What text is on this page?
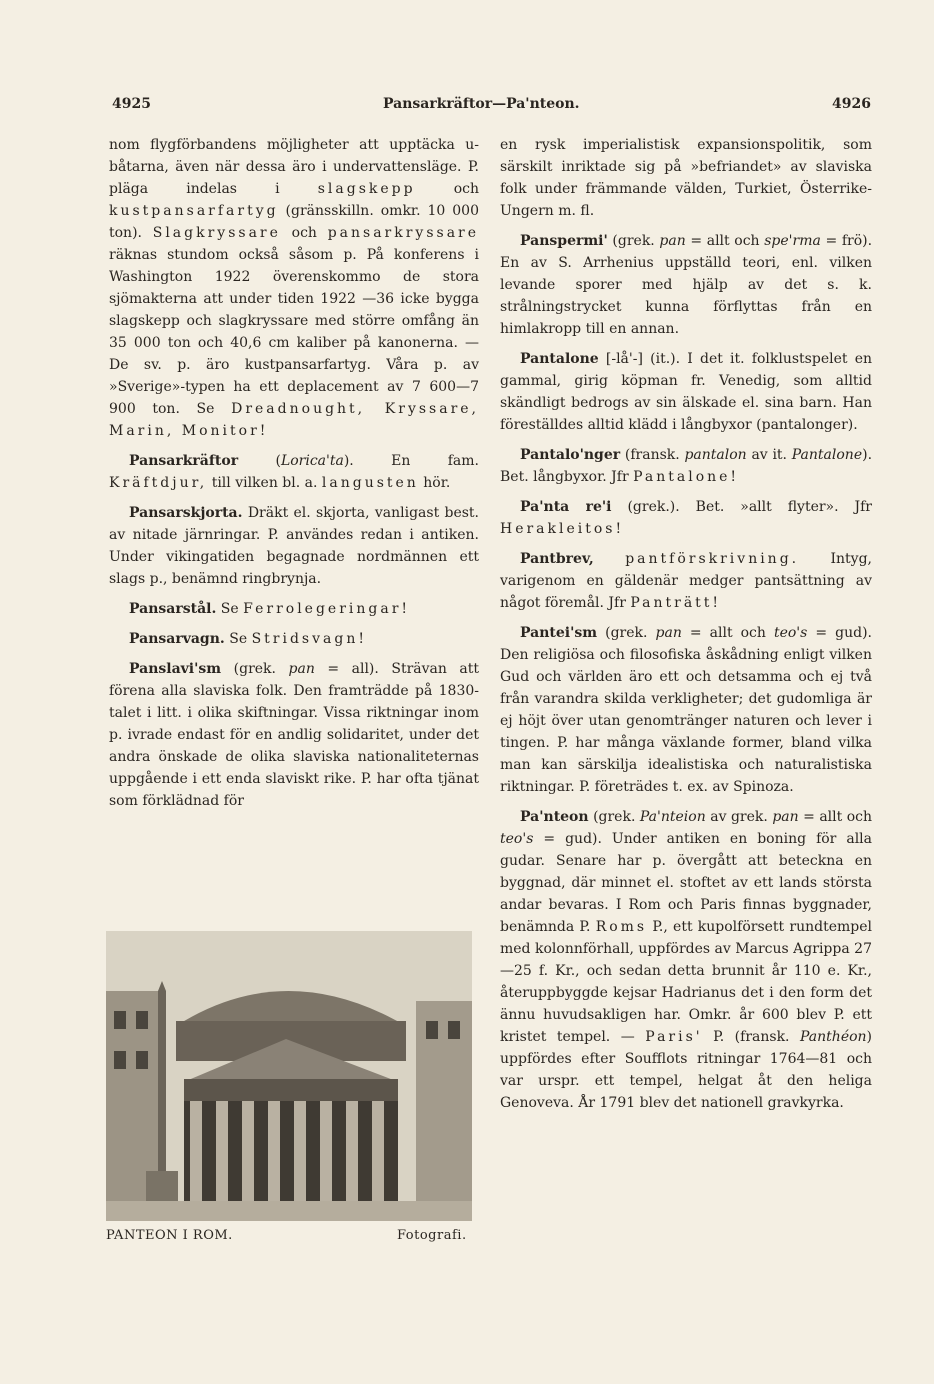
4925	Pansarkräftor—Pa'nteon.	4926

nom flygförbandens möjligheter att upptäcka u-båtarna, även när dessa äro i undervattensläge. P. pläga indelas i	slagskepp	och kustpansarfartyg (gränsskilln. omkr. 10 000 ton). Slagkryssare och pansarkryssare räknas stundom också såsom p. På konferens i Washington 1922 överenskommo de stora sjömakterna att under tiden 1922 —36 icke bygga slagskepp och slagkryssare med större omfång än 35 000 ton och 40,6 cm kaliber på kanonerna. — De sv. p. äro kustpansarfartyg. Våra p. av »Sverige»-typen ha ett deplacement av 7 600—7 900 ton. Se Dreadnought, Kryssare, Marin, Monitor!

Pansarkräftor	(Lorica'ta). En fam. Kräftdjur, till vilken bl. a. langusten hör.

Pansarskjorta. Dräkt el. skjorta, vanligast best. av nitade järnringar. P. användes redan i antiken. Under vikingatiden begagnade nordmännen ett slags p., benämnd ringbrynja.

Pansarstål. Se Ferrolegeringar!

Pansarvagn. Se Stridsvagn!

Panslavi'sm (grek. pan = all). Strävan att förena alla slaviska folk. Den framträdde på 1830-talet i litt. i olika skiftningar. Vissa riktningar inom p. ivrade endast för en andlig solidaritet, under det andra önskade de olika slaviska nationaliteternas uppgående i ett enda slaviskt rike. P. har ofta tjänat som förklädnad för

PANTEON I ROM.	Fotografi.

en rysk imperialistisk expansionspolitik, som särskilt inriktade sig på »befriandet» av slaviska folk under främmande välden, Turkiet, Österrike-Ungern m. fl.

Panspermi' (grek. pan = allt och spe'rma = frö). En av S. Arrhenius uppställd teori, enl. vilken levande sporer med hjälp av det s. k. strålningstrycket kunna förflyttas från en himlakropp till en annan.

Pantalone [-lå'-] (it.). I det it. folklustspelet en gammal, girig köpman fr. Venedig, som alltid skändligt bedrogs av sin älskade el. sina barn. Han föreställdes alltid klädd i långbyxor (pantalonger).

Pantalo'nger (fransk. pantalon av it. Pantalone). Bet. långbyxor. Jfr Pantalone!

Pa'nta re'i (grek.). Bet. »allt flyter». Jfr Herakleitos!

Pantbrev, pantförskrivning. Intyg, varigenom en gäldenär medger pantsättning av något föremål. Jfr Panträtt!

Pantei'sm (grek. pan = allt och teo's = gud). Den religiösa och filosofiska åskådning enligt vilken Gud och världen äro ett och detsamma och ej två från varandra skilda verkligheter; det gudomliga är ej höjt över utan genomtränger naturen och lever i tingen. P. har många växlande former, bland vilka man kan särskilja idealistiska och naturalistiska riktningar. P. företrädes t. ex. av Spinoza.

Pa'nteon (grek. Pa'nteion av grek. pan = allt och teo's = gud). Under antiken en boning för alla gudar. Senare har p. övergått att beteckna en byggnad, där minnet el. stoftet av ett lands största andar bevaras. I Rom och Paris finnas byggnader, benämnda P. Roms P., ett kupolförsett rundtempel med kolonnförhall, uppfördes av Marcus Agrippa 27—25 f. Kr., och sedan detta brunnit år 110 e. Kr., återuppbyggde kejsar Hadrianus det i den form det ännu huvudsakligen har. Omkr. år 600 blev P. ett kristet tempel. — Paris' P. (fransk. Panthéon) uppfördes efter Soufflots ritningar 1764—81 och var urspr. ett tempel, helgat åt den heliga Genoveva. År 1791 blev det nationell gravkyrka.
